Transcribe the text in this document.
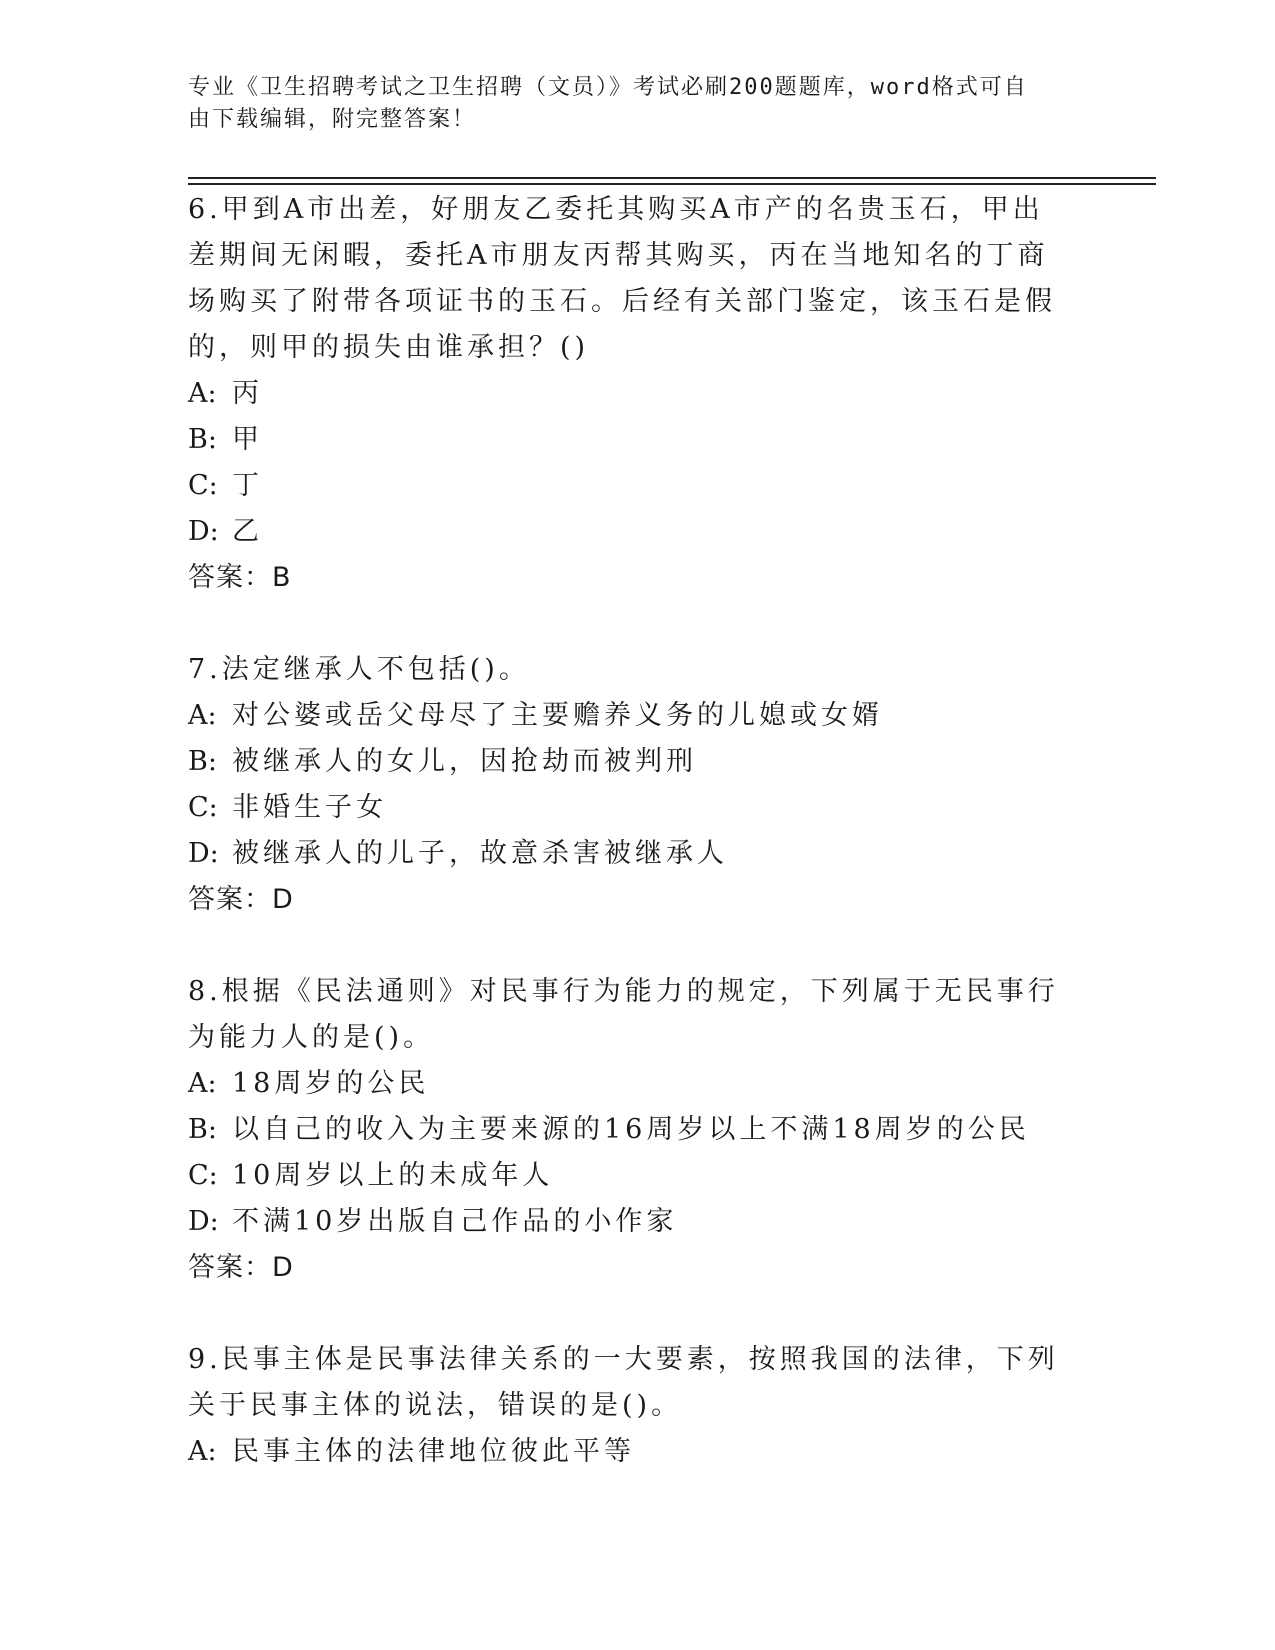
专业《卫生招聘考试之卫生招聘（文员）》考试必刷200题题库，word格式可自
由下载编辑，附完整答案！
6.甲到A市出差，好朋友乙委托其购买A市产的名贵玉石，甲出差期间无闲暇，委托A市朋友丙帮其购买，丙在当地知名的丁商场购买了附带各项证书的玉石。后经有关部门鉴定，该玉石是假的，则甲的损失由谁承担？()
A: 丙
B: 甲
C: 丁
D: 乙
答案：B
7.法定继承人不包括()。
A: 对公婆或岳父母尽了主要赡养义务的儿媳或女婿
B: 被继承人的女儿，因抢劫而被判刑
C: 非婚生子女
D: 被继承人的儿子，故意杀害被继承人
答案：D
8.根据《民法通则》对民事行为能力的规定，下列属于无民事行为能力人的是()。
A: 18周岁的公民
B: 以自己的收入为主要来源的16周岁以上不满18周岁的公民
C: 10周岁以上的未成年人
D: 不满10岁出版自己作品的小作家
答案：D
9.民事主体是民事法律关系的一大要素，按照我国的法律，下列关于民事主体的说法，错误的是()。
A: 民事主体的法律地位彼此平等
